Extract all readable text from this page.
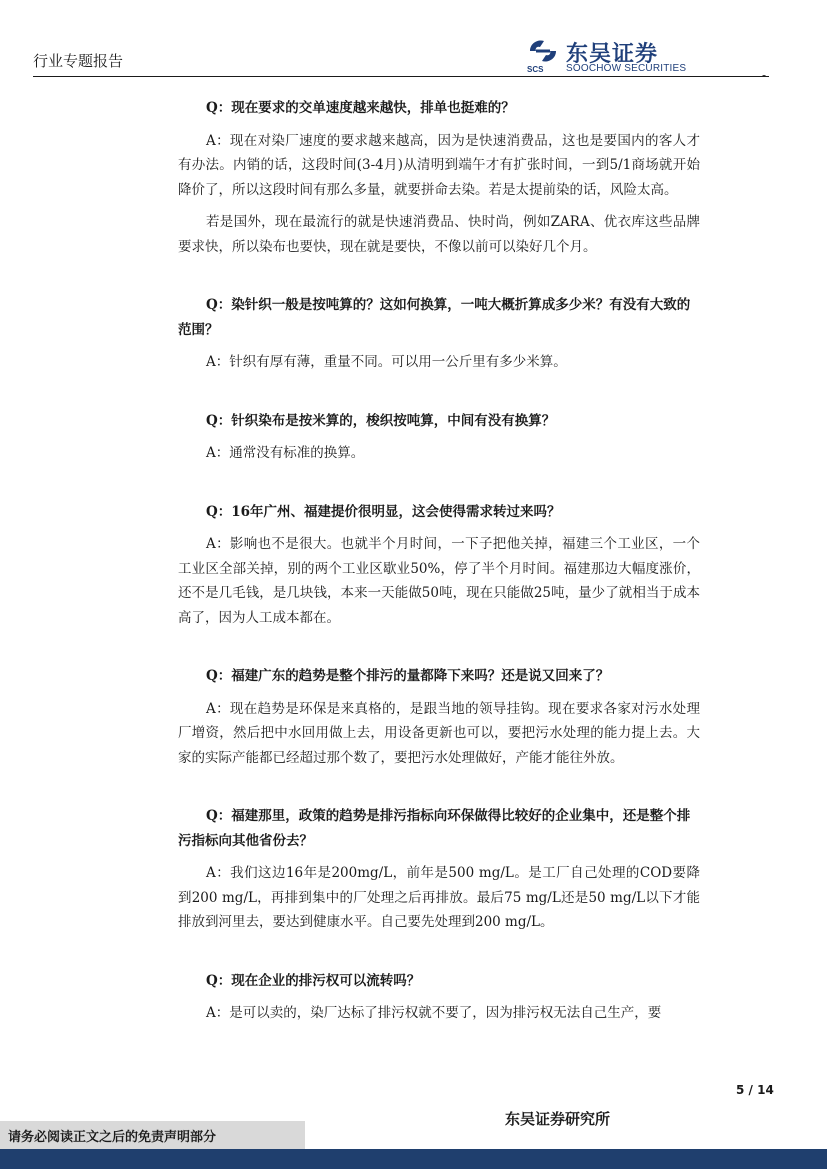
行业专题报告
-
SCS
东吴证券
SOOCHOW SECURITIES

Q：现在要求的交单速度越来越快，排单也挺难的？

A：现在对染厂速度的要求越来越高，因为是快速消费品，这也是要国内的客人才有办法。内销的话，这段时间(3-4月)从清明到端午才有扩张时间，一到5/1商场就开始降价了，所以这段时间有那么多量，就要拼命去染。若是太提前染的话，风险太高。

若是国外，现在最流行的就是快速消费品、快时尚，例如ZARA、优衣库这些品牌要求快，所以染布也要快，现在就是要快，不像以前可以染好几个月。

Q：染针织一般是按吨算的？这如何换算，一吨大概折算成多少米？有没有大致的范围？

A：针织有厚有薄，重量不同。可以用一公斤里有多少米算。

Q：针织染布是按米算的，梭织按吨算，中间有没有换算？

A：通常没有标准的换算。

Q：16年广州、福建提价很明显，这会使得需求转过来吗？

A：影响也不是很大。也就半个月时间，一下子把他关掉，福建三个工业区，一个工业区全部关掉，别的两个工业区歇业50%，停了半个月时间。福建那边大幅度涨价，还不是几毛钱，是几块钱，本来一天能做50吨，现在只能做25吨，量少了就相当于成本高了，因为人工成本都在。

Q：福建广东的趋势是整个排污的量都降下来吗？还是说又回来了？

A：现在趋势是环保是来真格的，是跟当地的领导挂钩。现在要求各家对污水处理厂增资，然后把中水回用做上去，用设备更新也可以，要把污水处理的能力提上去。大家的实际产能都已经超过那个数了，要把污水处理做好，产能才能往外放。

Q：福建那里，政策的趋势是排污指标向环保做得比较好的企业集中，还是整个排污指标向其他省份去？

A：我们这边16年是200mg/L，前年是500 mg/L。是工厂自己处理的COD要降到200 mg/L，再排到集中的厂处理之后再排放。最后75 mg/L还是50 mg/L以下才能排放到河里去，要达到健康水平。自己要先处理到200 mg/L。

Q：现在企业的排污权可以流转吗？

A：是可以卖的，染厂达标了排污权就不要了，因为排污权无法自己生产，要

5 / 14
东吴证券研究所
请务必阅读正文之后的免责声明部分
